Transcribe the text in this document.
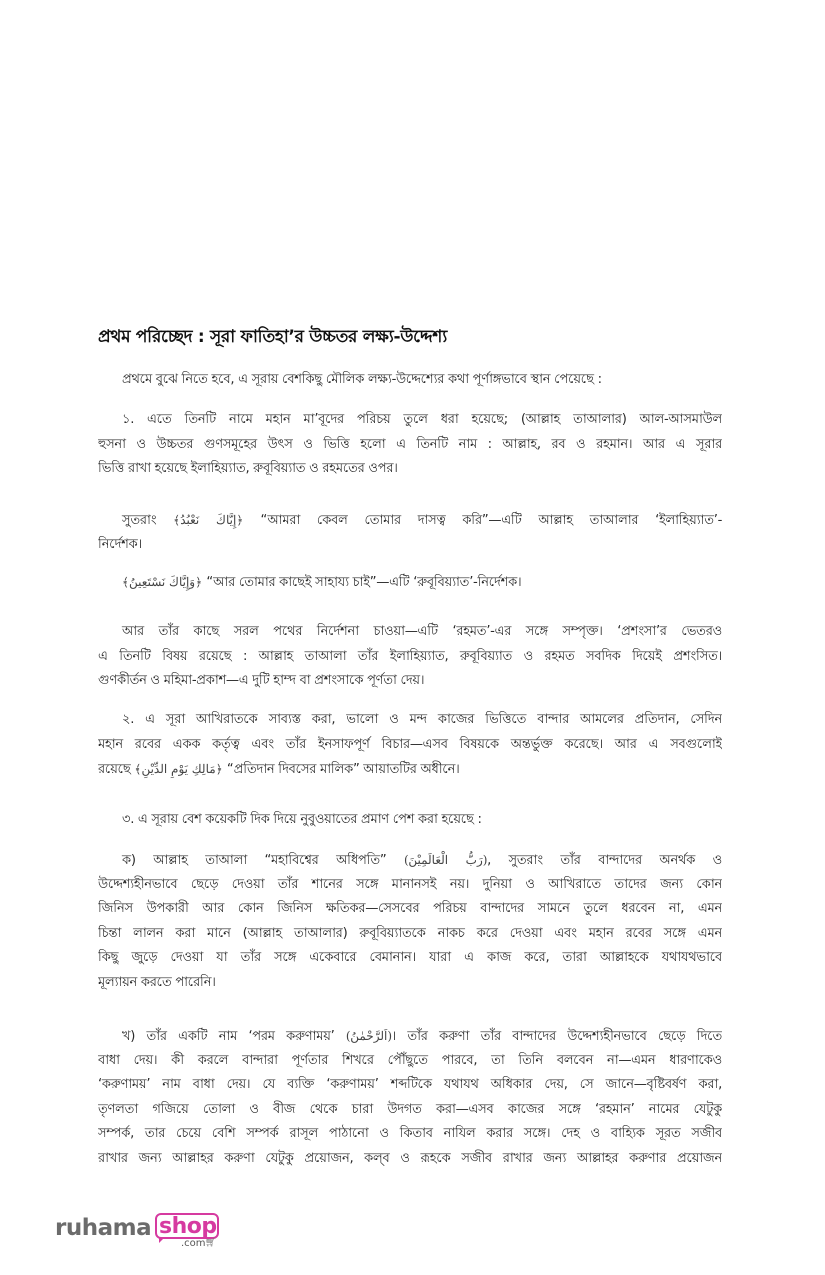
প্রথম পরিচ্ছেদ : সূরা ফাতিহা’র উচ্চতর লক্ষ্য-উদ্দেশ্য
প্রথমে বুঝে নিতে হবে, এ সূরায় বেশকিছু মৌলিক লক্ষ্য-উদ্দেশ্যের কথা পূর্ণাঙ্গভাবে স্থান পেয়েছে :
১. এতে তিনটি নামে মহান মা’বূদের পরিচয় তুলে ধরা হয়েছে; (আল্লাহ তাআলার) আল-আসমাউল
হুসনা ও উচ্চতর গুণসমূহের উৎস ও ভিত্তি হলো এ তিনটি নাম : আল্লাহ, রব ও রহমান। আর এ সূরার
ভিত্তি রাখা হয়েছে ইলাহিয়্যাত, রুবূবিয়্যাত ও রহমতের ওপর।
সুতরাং ﴿إِيَّاكَ نَعْبُدُ﴾ “আমরা কেবল তোমার দাসত্ব করি”—এটি আল্লাহ তাআলার ‘ইলাহিয়্যাত’-
নির্দেশক।
﴿وَإِيَّاكَ نَسْتَعِينُ﴾ “আর তোমার কাছেই সাহায্য চাই”—এটি ‘রুবূবিয়্যাত’-নির্দেশক।
আর তাঁর কাছে সরল পথের নির্দেশনা চাওয়া—এটি ‘রহমত’-এর সঙ্গে সম্পৃক্ত। ‘প্রশংসা’র ভেতরও
এ তিনটি বিষয় রয়েছে : আল্লাহ তাআলা তাঁর ইলাহিয়্যাত, রুবূবিয়্যাত ও রহমত সবদিক দিয়েই প্রশংসিত।
গুণকীর্তন ও মহিমা-প্রকাশ—এ দুটি হাম্দ বা প্রশংসাকে পূর্ণতা দেয়।
২. এ সূরা আখিরাতকে সাব্যস্ত করা, ভালো ও মন্দ কাজের ভিত্তিতে বান্দার আমলের প্রতিদান, সেদিন
মহান রবের একক কর্তৃত্ব এবং তাঁর ইনসাফপূর্ণ বিচার—এসব বিষয়কে অন্তর্ভুক্ত করেছে। আর এ সবগুলোই
রয়েছে ﴿مَالِكِ يَوْمِ الدِّيْنِ﴾ “প্রতিদান দিবসের মালিক” আয়াতটির অধীনে।
৩. এ সূরায় বেশ কয়েকটি দিক দিয়ে নুবুওয়াতের প্রমাণ পেশ করা হয়েছে :
ক) আল্লাহ তাআলা “মহাবিশ্বের অধিপতি” (رَبُّ الْعَالَمِيْنَ), সুতরাং তাঁর বান্দাদের অনর্থক ও
উদ্দেশ্যহীনভাবে ছেড়ে দেওয়া তাঁর শানের সঙ্গে মানানসই নয়। দুনিয়া ও আখিরাতে তাদের জন্য কোন
জিনিস উপকারী আর কোন জিনিস ক্ষতিকর—সেসবের পরিচয় বান্দাদের সামনে তুলে ধরবেন না, এমন
চিন্তা লালন করা মানে (আল্লাহ তাআলার) রুবূবিয়্যাতকে নাকচ করে দেওয়া এবং মহান রবের সঙ্গে এমন
কিছু জুড়ে দেওয়া যা তাঁর সঙ্গে একেবারে বেমানান। যারা এ কাজ করে, তারা আল্লাহকে যথাযথভাবে
মূল্যায়ন করতে পারেনি।
খ) তাঁর একটি নাম ‘পরম করুণাময়’ (اَلرَّحْمٰنُ)। তাঁর করুণা তাঁর বান্দাদের উদ্দেশ্যহীনভাবে ছেড়ে দিতে
বাধা দেয়। কী করলে বান্দারা পূর্ণতার শিখরে পৌঁছুতে পারবে, তা তিনি বলবেন না—এমন ধারণাকেও
‘করুণাময়’ নাম বাধা দেয়। যে ব্যক্তি ‘করুণাময়’ শব্দটিকে যথাযথ অধিকার দেয়, সে জানে—বৃষ্টিবর্ষণ করা,
তৃণলতা গজিয়ে তোলা ও বীজ থেকে চারা উদগত করা—এসব কাজের সঙ্গে ‘রহমান’ নামের যেটুকু
সম্পর্ক, তার চেয়ে বেশি সম্পর্ক রাসূল পাঠানো ও কিতাব নাযিল করার সঙ্গে। দেহ ও বাহ্যিক সূরত সজীব
রাখার জন্য আল্লাহর করুণা যেটুকু প্রয়োজন, কল্‌ব ও রূহকে সজীব রাখার জন্য আল্লাহর করুণার প্রয়োজন
ruhama shop
.com 🛒︎
